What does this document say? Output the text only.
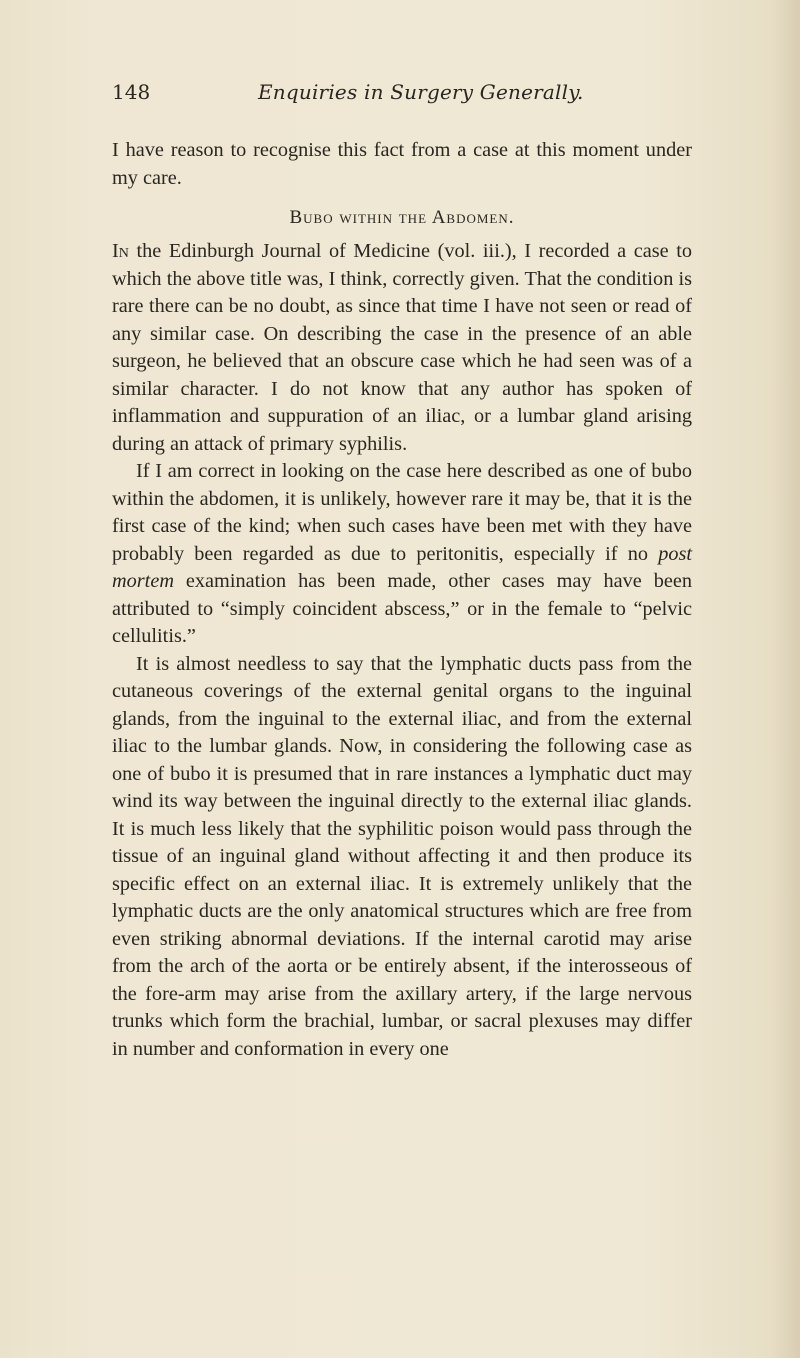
148	Enquiries in Surgery Generally.

I have reason to recognise this fact from a case at this moment under my care.

Bubo within the Abdomen.

In the Edinburgh Journal of Medicine (vol. iii.), I recorded a case to which the above title was, I think, correctly given. That the condition is rare there can be no doubt, as since that time I have not seen or read of any similar case. On describing the case in the presence of an able surgeon, he believed that an obscure case which he had seen was of a similar character. I do not know that any author has spoken of inflammation and suppuration of an iliac, or a lumbar gland arising during an attack of primary syphilis.

If I am correct in looking on the case here described as one of bubo within the abdomen, it is unlikely, however rare it may be, that it is the first case of the kind; when such cases have been met with they have probably been regarded as due to peritonitis, especially if no post mortem examination has been made, other cases may have been attributed to “simply coincident abscess,” or in the female to “pelvic cellulitis.”

It is almost needless to say that the lymphatic ducts pass from the cutaneous coverings of the external genital organs to the inguinal glands, from the inguinal to the external iliac, and from the external iliac to the lumbar glands. Now, in considering the following case as one of bubo it is presumed that in rare instances a lymphatic duct may wind its way between the inguinal directly to the external iliac glands. It is much less likely that the syphilitic poison would pass through the tissue of an inguinal gland without affecting it and then produce its specific effect on an external iliac. It is extremely unlikely that the lymphatic ducts are the only anatomical structures which are free from even striking abnormal deviations. If the internal carotid may arise from the arch of the aorta or be entirely absent, if the interosseous of the fore-arm may arise from the axillary artery, if the large nervous trunks which form the brachial, lumbar, or sacral plexuses may differ in number and conformation in every one
